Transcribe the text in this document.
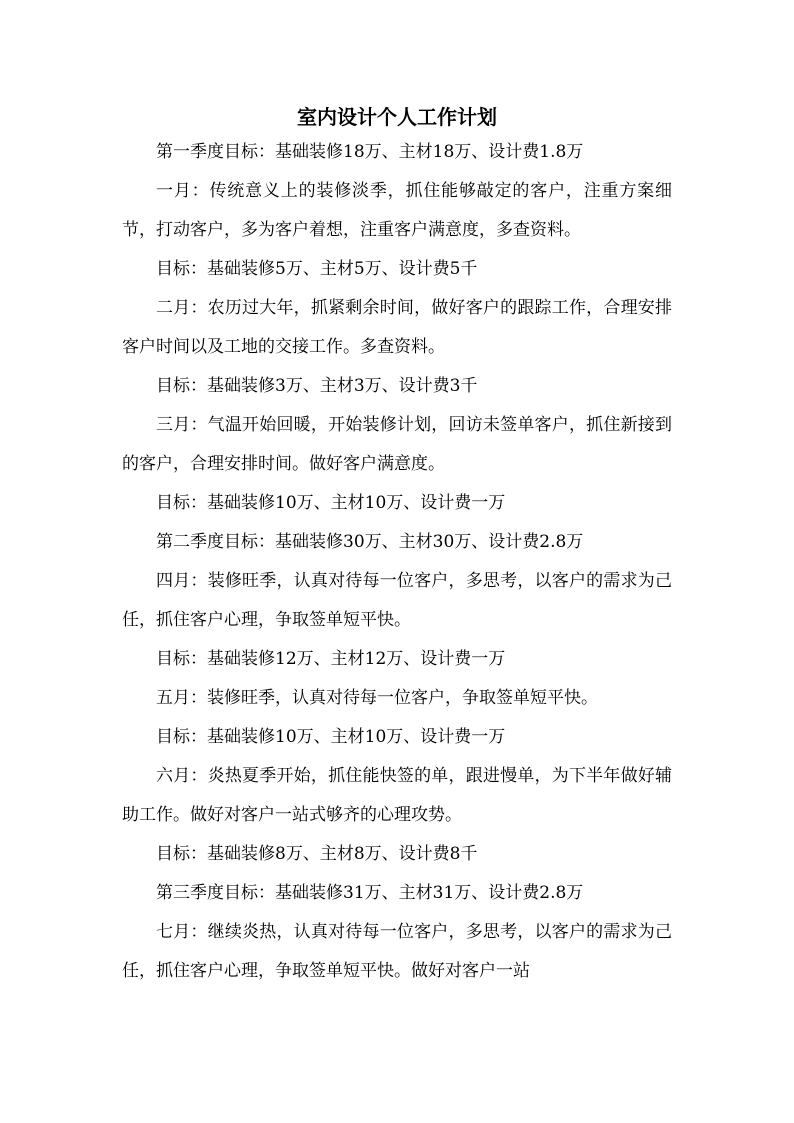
室内设计个人工作计划

第一季度目标：基础装修18万、主材18万、设计费1.8万

一月：传统意义上的装修淡季，抓住能够敲定的客户，注重方案细节，打动客户，多为客户着想，注重客户满意度，多查资料。

目标：基础装修5万、主材5万、设计费5千

二月：农历过大年，抓紧剩余时间，做好客户的跟踪工作，合理安排客户时间以及工地的交接工作。多查资料。

目标：基础装修3万、主材3万、设计费3千

三月：气温开始回暖，开始装修计划，回访未签单客户，抓住新接到的客户，合理安排时间。做好客户满意度。

目标：基础装修10万、主材10万、设计费一万

第二季度目标：基础装修30万、主材30万、设计费2.8万

四月：装修旺季，认真对待每一位客户，多思考，以客户的需求为己任，抓住客户心理，争取签单短平快。

目标：基础装修12万、主材12万、设计费一万

五月：装修旺季，认真对待每一位客户，争取签单短平快。

目标：基础装修10万、主材10万、设计费一万

六月：炎热夏季开始，抓住能快签的单，跟进慢单，为下半年做好辅助工作。做好对客户一站式够齐的心理攻势。

目标：基础装修8万、主材8万、设计费8千

第三季度目标：基础装修31万、主材31万、设计费2.8万

七月：继续炎热，认真对待每一位客户，多思考，以客户的需求为己任，抓住客户心理，争取签单短平快。做好对客户一站
